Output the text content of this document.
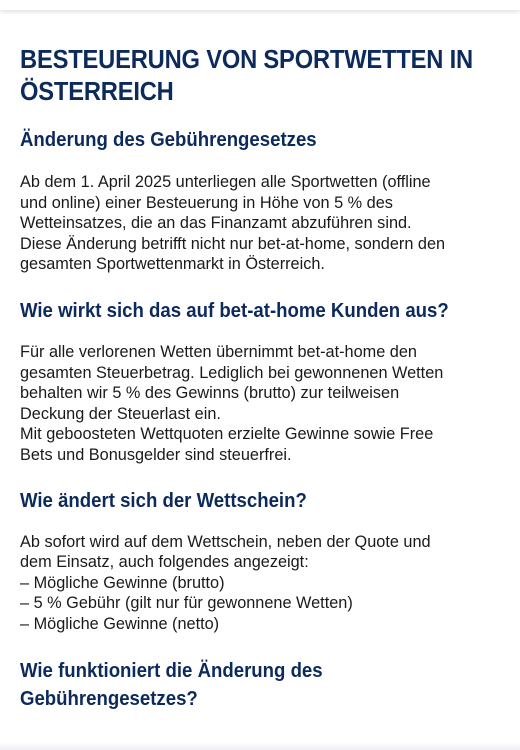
BESTEUERUNG VON SPORTWETTEN IN ÖSTERREICH
Änderung des Gebührengesetzes

Ab dem 1. April 2025 unterliegen alle Sportwetten (offline
und online) einer Besteuerung in Höhe von 5 % des
Wetteinsatzes, die an das Finanzamt abzuführen sind.
Diese Änderung betrifft nicht nur bet-at-home, sondern den
gesamten Sportwettenmarkt in Österreich.

Wie wirkt sich das auf bet-at-home Kunden aus?

Für alle verlorenen Wetten übernimmt bet-at-home den
gesamten Steuerbetrag. Lediglich bei gewonnenen Wetten
behalten wir 5 % des Gewinns (brutto) zur teilweisen
Deckung der Steuerlast ein.
Mit geboosteten Wettquoten erzielte Gewinne sowie Free
Bets und Bonusgelder sind steuerfrei.

Wie ändert sich der Wettschein?

Ab sofort wird auf dem Wettschein, neben der Quote und
dem Einsatz, auch folgendes angezeigt:
– Mögliche Gewinne (brutto)
– 5 % Gebühr (gilt nur für gewonnene Wetten)
– Mögliche Gewinne (netto)

Wie funktioniert die Änderung des
Gebührengesetzes?
